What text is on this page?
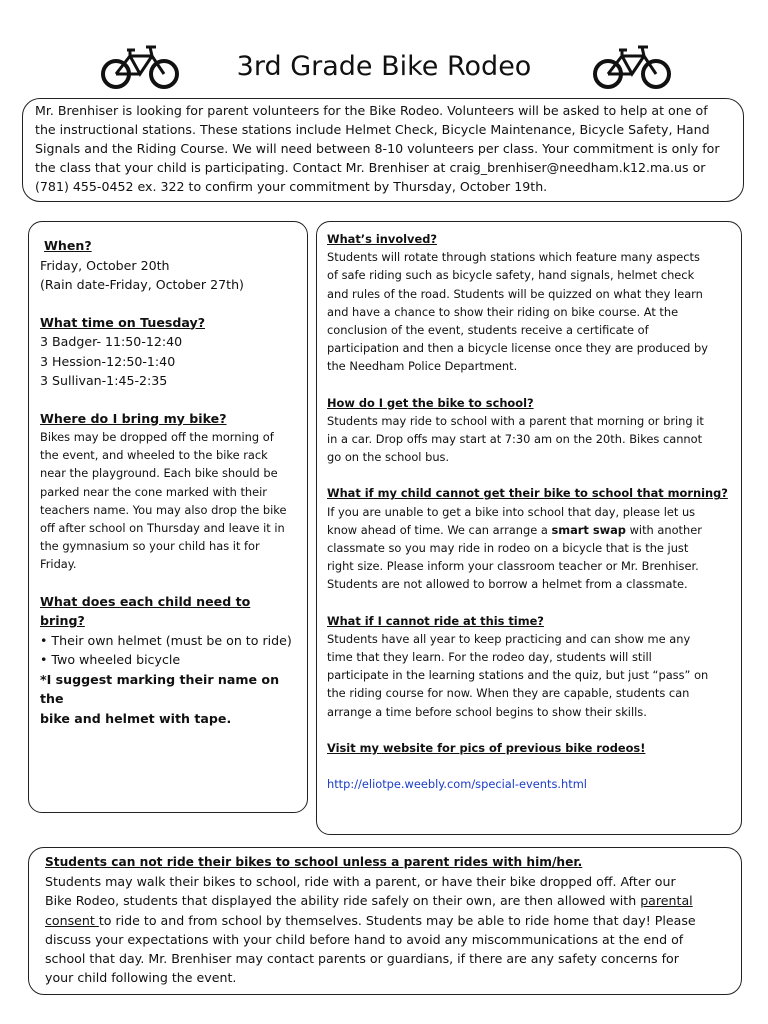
3rd Grade Bike Rodeo

Mr. Brenhiser is looking for parent volunteers for the Bike Rodeo. Volunteers will be asked to help at one of

the instructional stations. These stations include Helmet Check, Bicycle Maintenance, Bicycle Safety, Hand

Signals and the Riding Course. We will need between 8-10 volunteers per class. Your commitment is only for

the class that your child is participating. Contact Mr. Brenhiser at craig_brenhiser@needham.k12.ma.us or

(781) 455-0452 ex. 322 to confirm your commitment by Thursday, October 19th.

When?

Friday, October 20th

(Rain date-Friday, October 27th)

What time on Tuesday?

3 Badger- 11:50-12:40

3 Hession-12:50-1:40

3 Sullivan-1:45-2:35

Where do I bring my bike?

Bikes may be dropped off the morning of

the event, and wheeled to the bike rack

near the playground. Each bike should be

parked near the cone marked with their

teachers name. You may also drop the bike

off after school on Thursday and leave it in

the gymnasium so your child has it for

Friday.

What does each child need to bring?

• Their own helmet (must be on to ride)

• Two wheeled bicycle

*I suggest marking their name on the

bike and helmet with tape.

What’s involved?

Students will rotate through stations which feature many aspects

of safe riding such as bicycle safety, hand signals, helmet check

and rules of the road. Students will be quizzed on what they learn

and have a chance to show their riding on bike course. At the

conclusion of the event, students receive a certificate of

participation and then a bicycle license once they are produced by

the Needham Police Department.

How do I get the bike to school?

Students may ride to school with a parent that morning or bring it

in a car. Drop offs may start at 7:30 am on the 20th. Bikes cannot

go on the school bus.

What if my child cannot get their bike to school that morning?

If you are unable to get a bike into school that day, please let us

know ahead of time. We can arrange a smart swap with another

classmate so you may ride in rodeo on a bicycle that is the just

right size. Please inform your classroom teacher or Mr. Brenhiser.

Students are not allowed to borrow a helmet from a classmate.

What if I cannot ride at this time?

Students have all year to keep practicing and can show me any

time that they learn. For the rodeo day, students will still

participate in the learning stations and the quiz, but just “pass” on

the riding course for now. When they are capable, students can

arrange a time before school begins to show their skills.

Visit my website for pics of previous bike rodeos!

http://eliotpe.weebly.com/special-events.html

Students can not ride their bikes to school unless a parent rides with him/her.

Students may walk their bikes to school, ride with a parent, or have their bike dropped off. After our

Bike Rodeo, students that displayed the ability ride safely on their own, are then allowed with parental

consent to ride to and from school by themselves. Students may be able to ride home that day! Please

discuss your expectations with your child before hand to avoid any miscommunications at the end of

school that day. Mr. Brenhiser may contact parents or guardians, if there are any safety concerns for

your child following the event.
